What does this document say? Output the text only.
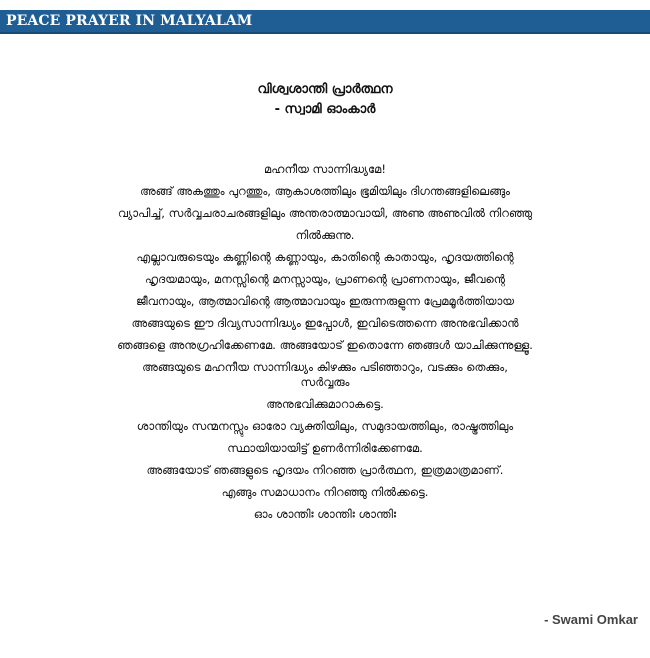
PEACE PRAYER IN MALYALAM

വിശ്വശാന്തി പ്രാർത്ഥന

- സ്വാമി ഓംകാർ

മഹനീയ സാന്നിദ്ധ്യമേ!
അങ്ങ് അകത്തും പുറത്തും, ആകാശത്തിലും ഭൂമിയിലും ദിഗന്തങ്ങളിലെങ്ങും
വ്യാപിച്ച്, സർവ്വചരാചരങ്ങളിലും അന്തരാത്മാവായി, അണു അണുവിൽ നിറഞ്ഞു
നിൽക്കുന്നു.
എല്ലാവരുടെയും കണ്ണിന്റെ കണ്ണായും, കാതിന്റെ കാതായും, ഹൃദയത്തിന്റെ
ഹൃദയമായും, മനസ്സിന്റെ മനസ്സായും, പ്രാണന്റെ പ്രാണനായും, ജീവന്റെ
ജീവനായും, ആത്മാവിന്റെ ആത്മാവായും ഇരുന്നരുളുന്ന പ്രേമമൂർത്തിയായ
അങ്ങയുടെ ഈ ദിവ്യസാന്നിദ്ധ്യം ഇപ്പോൾ, ഇവിടെത്തന്നെ അനുഭവിക്കാൻ
ഞങ്ങളെ അനുഗ്രഹിക്കേണമേ. അങ്ങയോട് ഇതൊന്നേ ഞങ്ങൾ യാചിക്കുന്നുള്ളൂ.
അങ്ങയുടെ മഹനീയ സാന്നിദ്ധ്യം കിഴക്കും പടിഞ്ഞാറും, വടക്കും തെക്കും, സർവ്വരും
അനുഭവിക്കുമാറാകട്ടെ.
ശാന്തിയും സന്മനസ്സും ഓരോ വ്യക്തിയിലും, സമുദായത്തിലും, രാഷ്ട്രത്തിലും
സ്ഥായിയായിട്ട് ഉണർന്നിരിക്കേണമേ.
അങ്ങയോട് ഞങ്ങളുടെ ഹൃദയം നിറഞ്ഞ പ്രാർത്ഥന, ഇത്രമാത്രമാണ്.
എങ്ങും സമാധാനം നിറഞ്ഞു നിൽക്കട്ടെ.
ഓം ശാന്തിഃ ശാന്തിഃ ശാന്തിഃ
- Swami Omkar
